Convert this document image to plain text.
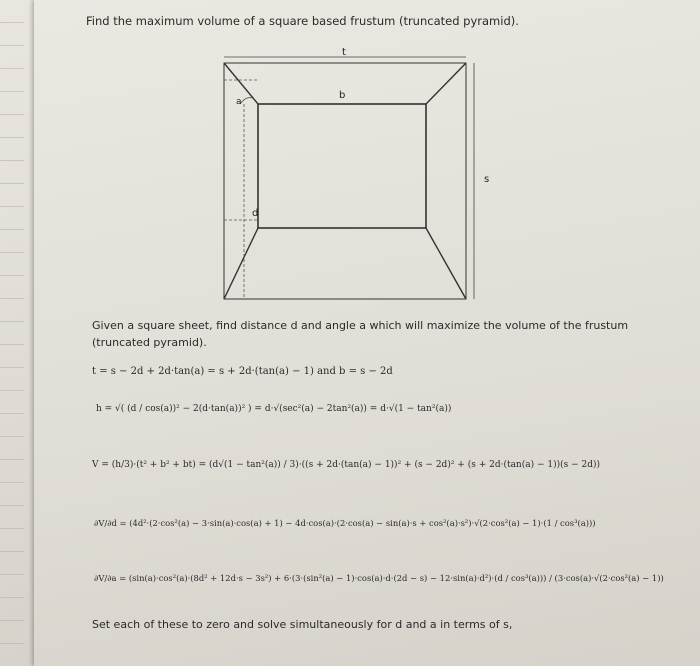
Find the maximum volume of a square based frustum (truncated pyramid).
t
a
b
s
d
Given a square sheet, find distance d and angle a which will maximize the volume of the frustum
(truncated pyramid).
t = s − 2d + 2d·tan(a) = s + 2d·(tan(a) − 1) and b = s − 2d
h = √( (d / cos(a))² − 2(d·tan(a))² ) = d·√(sec²(a) − 2tan²(a)) = d·√(1 − tan²(a))
V = (h/3)·(t² + b² + bt) = (d√(1 − tan²(a)) / 3)·((s + 2d·(tan(a) − 1))² + (s − 2d)² + (s + 2d·(tan(a) − 1))(s − 2d))
∂V/∂d = (4d²·(2·cos²(a) − 3·sin(a)·cos(a) + 1) − 4d·cos(a)·(2·cos(a) − sin(a)·s + cos²(a)·s²)·√(2·cos²(a) − 1)·(1 / cos³(a)))
∂V/∂a = (sin(a)·cos²(a)·(8d² + 12d·s − 3s²) + 6·(3·(sin²(a) − 1)·cos(a)·d·(2d − s) − 12·sin(a)·d²)·(d / cos³(a))) / (3·cos(a)·√(2·cos²(a) − 1))
Set each of these to zero and solve simultaneously for d and a in terms of s,
